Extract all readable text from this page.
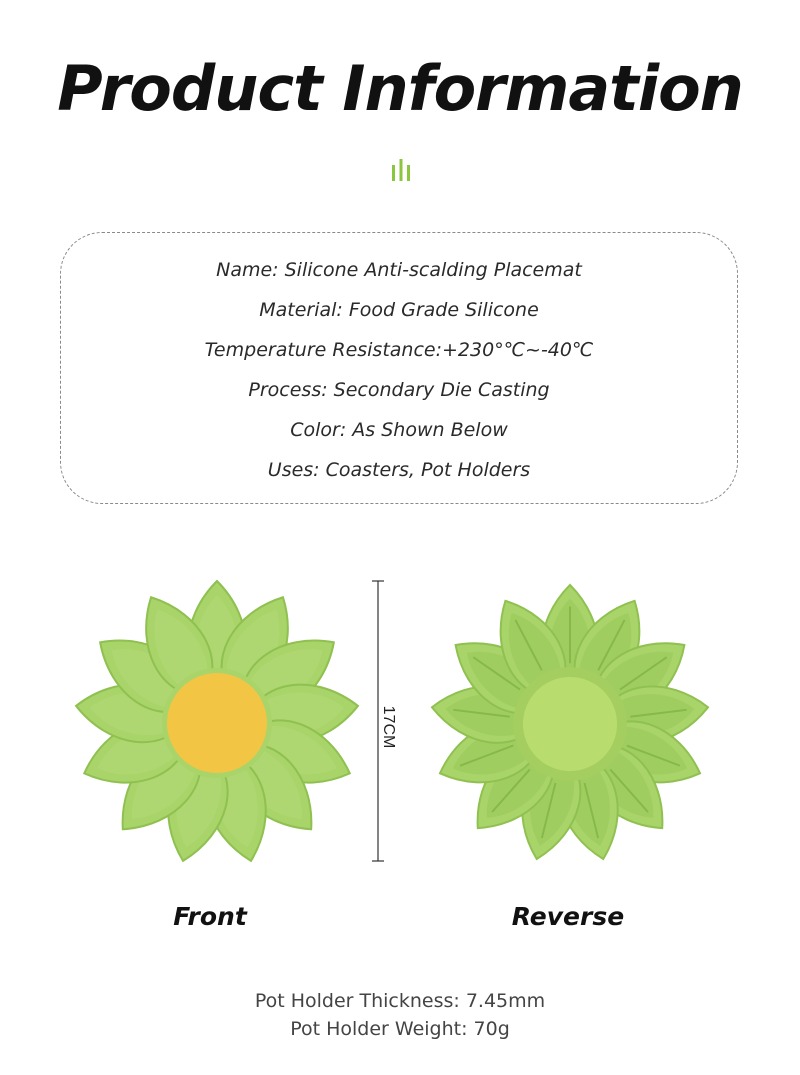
Product Information
Name: Silicone Anti-scalding Placemat
Material: Food Grade Silicone
Temperature Resistance:+230°℃~-40℃
Process: Secondary Die Casting
Color: As Shown Below
Uses: Coasters, Pot Holders
17CM
Front	Reverse
Pot Holder Thickness: 7.45mm
Pot Holder Weight: 70g
